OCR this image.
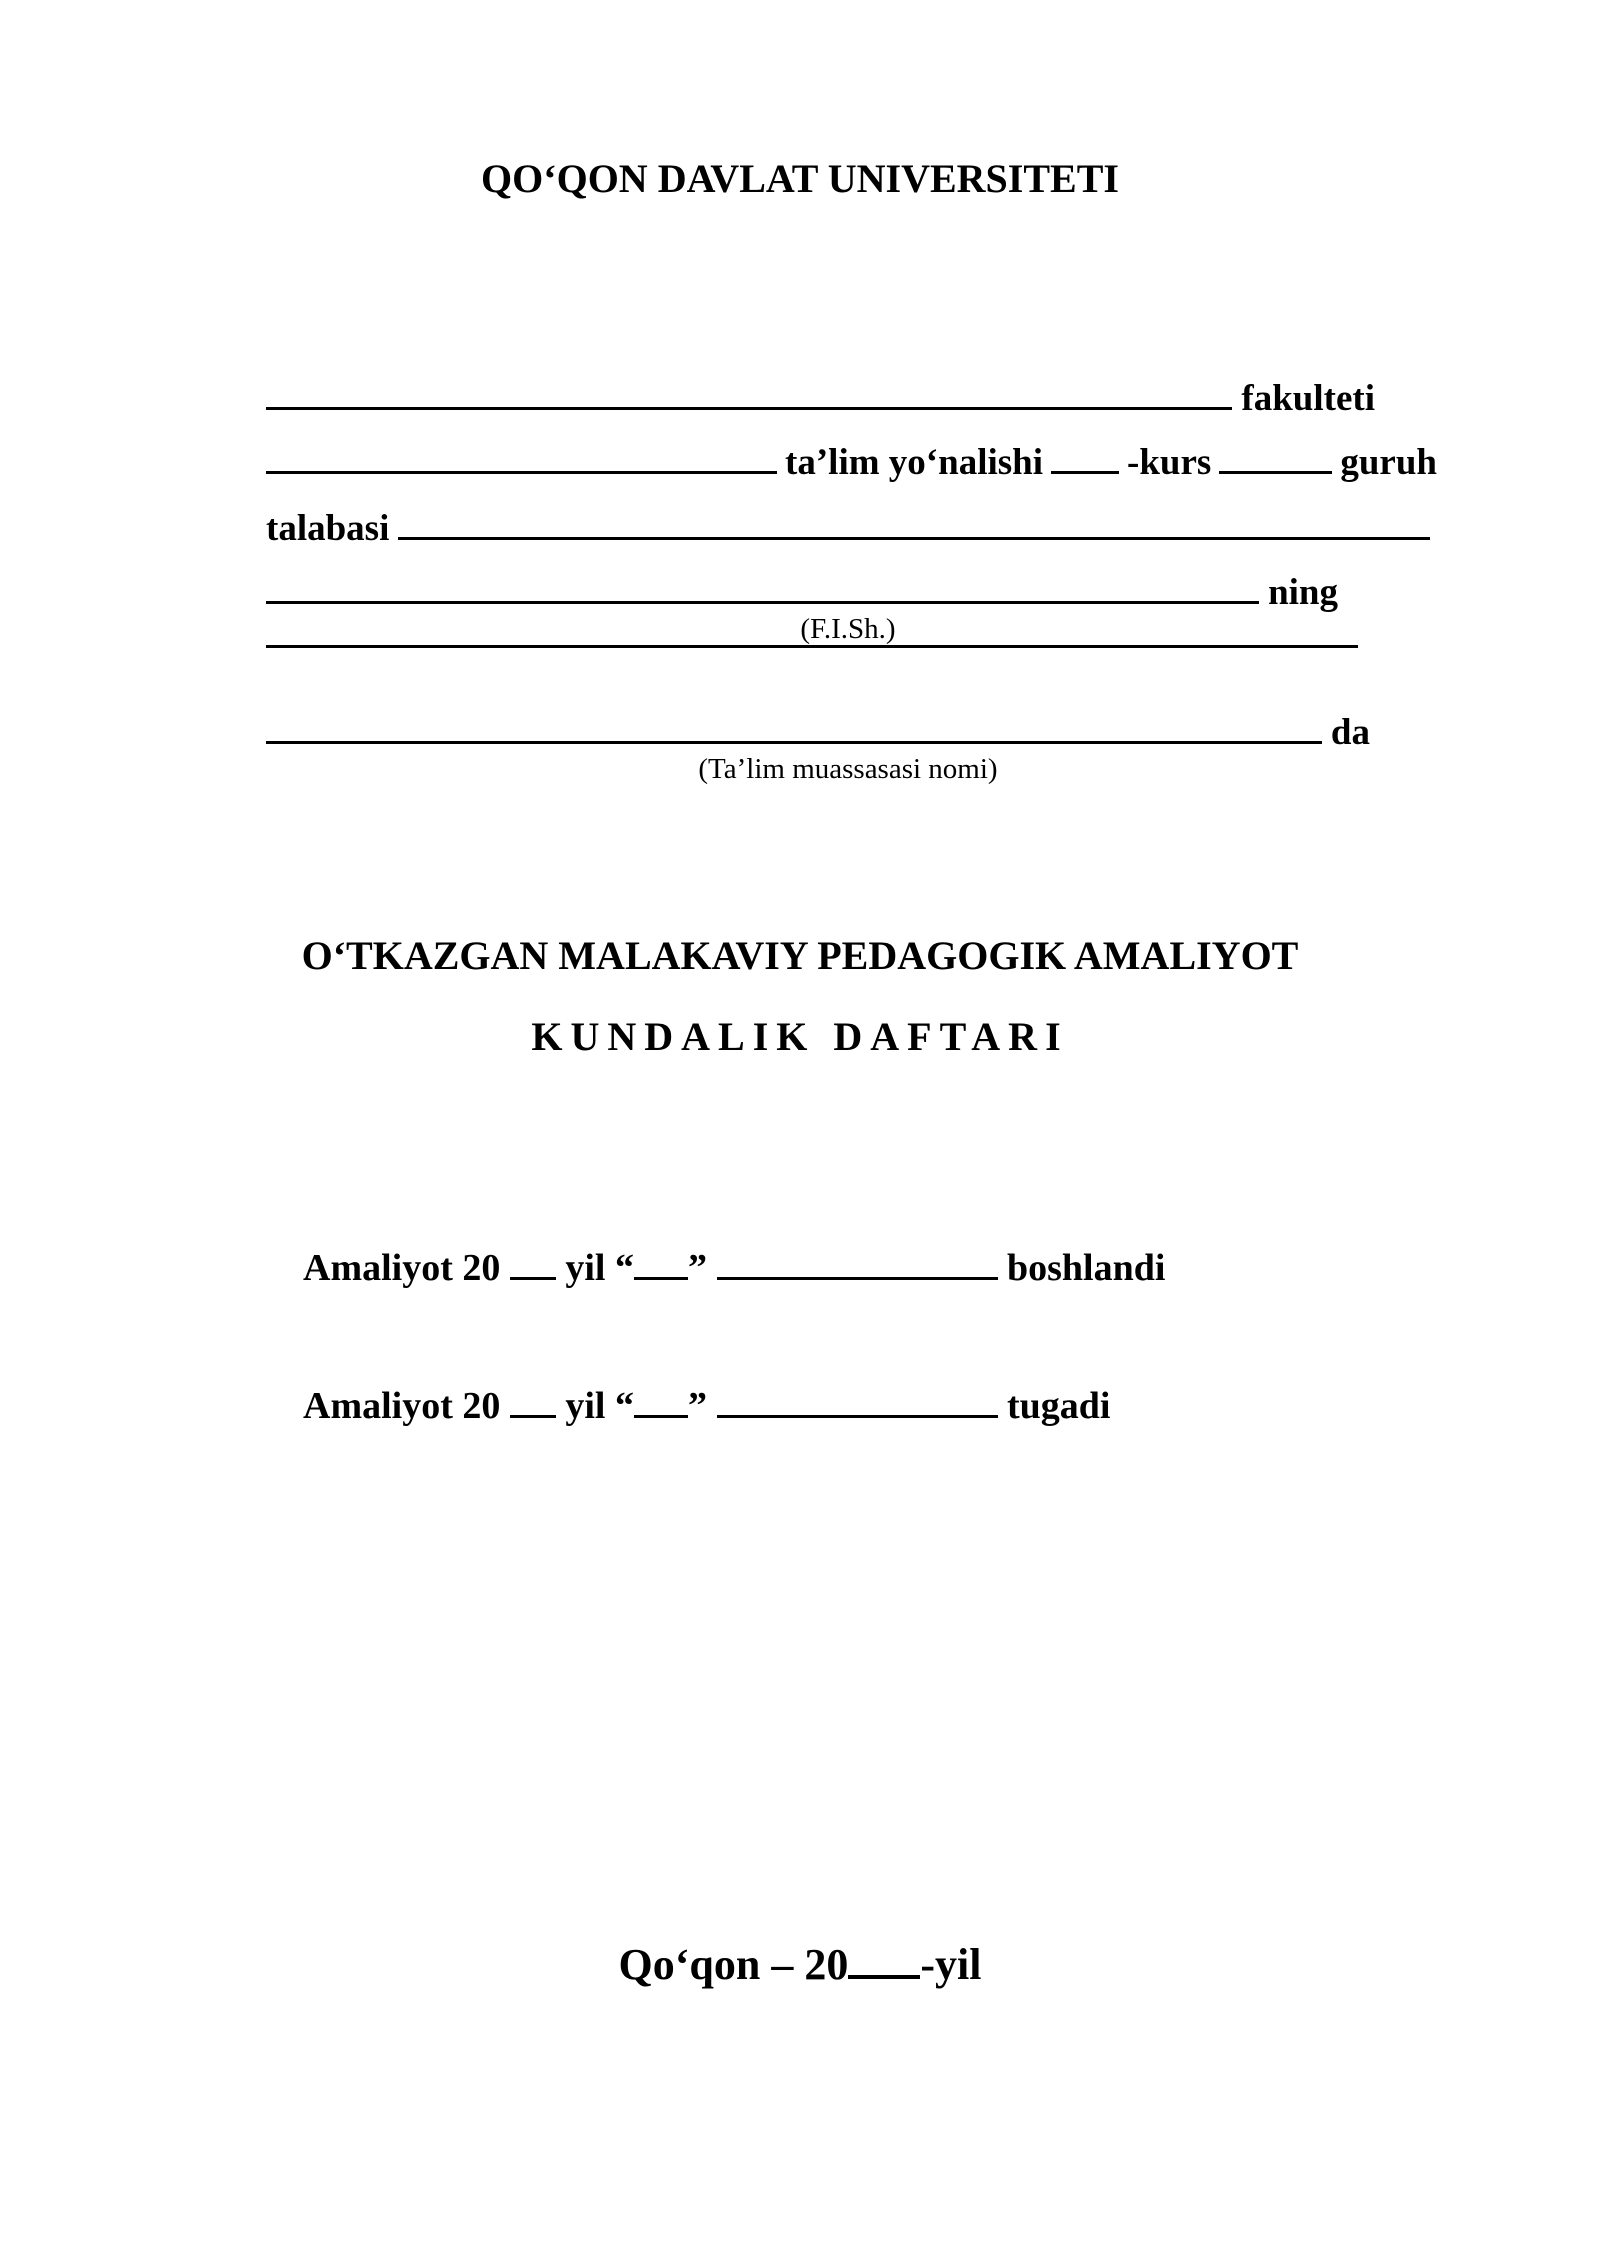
QO‘QON DAVLAT UNIVERSITETI
fakulteti
ta’lim yo‘nalishi -kurs	guruh
talabasi
ning
(F.I.Sh.)
da
(Ta’lim muassasasi nomi)
O‘TKAZGAN MALAKAVIY PEDAGOGIK AMALIYOT
KUNDALIK DAFTARI
Amaliyot 20 yil “ ”	boshlandi
Amaliyot 20 yil “ ”	tugadi
Qo‘qon – 20 -yil
